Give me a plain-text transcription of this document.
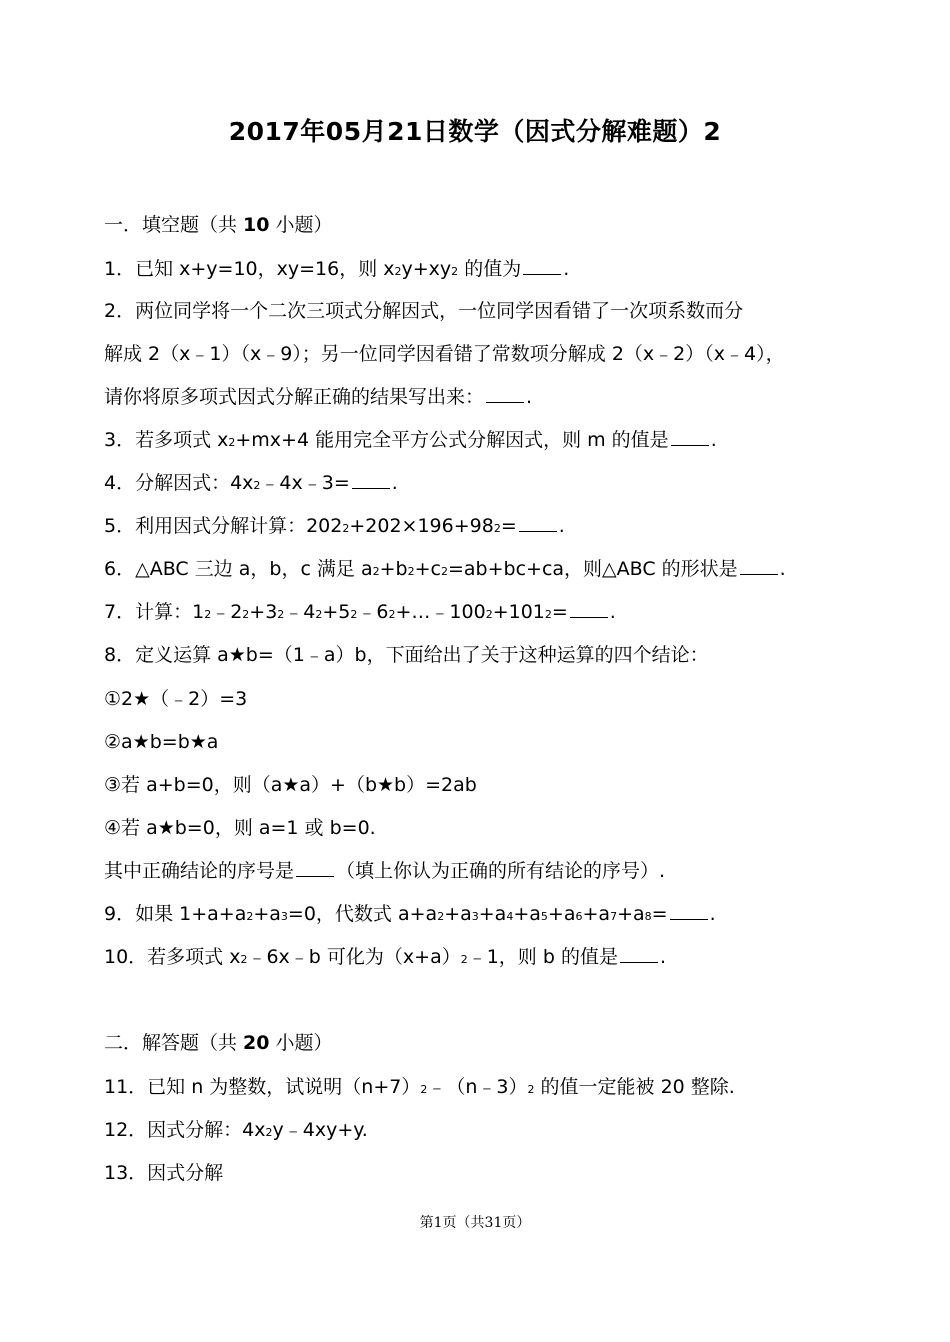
2017年05月21日数学（因式分解难题）2
一．填空题（共 10 小题）
1．已知 x+y=10，xy=16，则 x2y+xy2 的值为 .
2．两位同学将一个二次三项式分解因式，一位同学因看错了一次项系数而分
解成 2（x﹣1）（x﹣9）；另一位同学因看错了常数项分解成 2（x﹣2）（x﹣4），
请你将原多项式因式分解正确的结果写出来： .
3．若多项式 x2+mx+4 能用完全平方公式分解因式，则 m 的值是 .
4．分解因式：4x2﹣4x﹣3= .
5．利用因式分解计算：2022+202×196+982= .
6．△ABC 三边 a，b，c 满足 a2+b2+c2=ab+bc+ca，则△ABC 的形状是 .
7．计算：12﹣22+32﹣42+52﹣62+…﹣1002+1012= .
8．定义运算 a★b=（1﹣a）b，下面给出了关于这种运算的四个结论：
①2★（﹣2）=3
②a★b=b★a
③若 a+b=0，则（a★a）+（b★b）=2ab
④若 a★b=0，则 a=1 或 b=0.
其中正确结论的序号是 （填上你认为正确的所有结论的序号）.
9．如果 1+a+a2+a3=0，代数式 a+a2+a3+a4+a5+a6+a7+a8= .
10．若多项式 x2﹣6x﹣b 可化为（x+a）2﹣1，则 b 的值是 .
二．解答题（共 20 小题）
11．已知 n 为整数，试说明（n+7）2﹣（n﹣3）2 的值一定能被 20 整除.
12．因式分解：4x2y﹣4xy+y.
13．因式分解
第1页（共31页）
